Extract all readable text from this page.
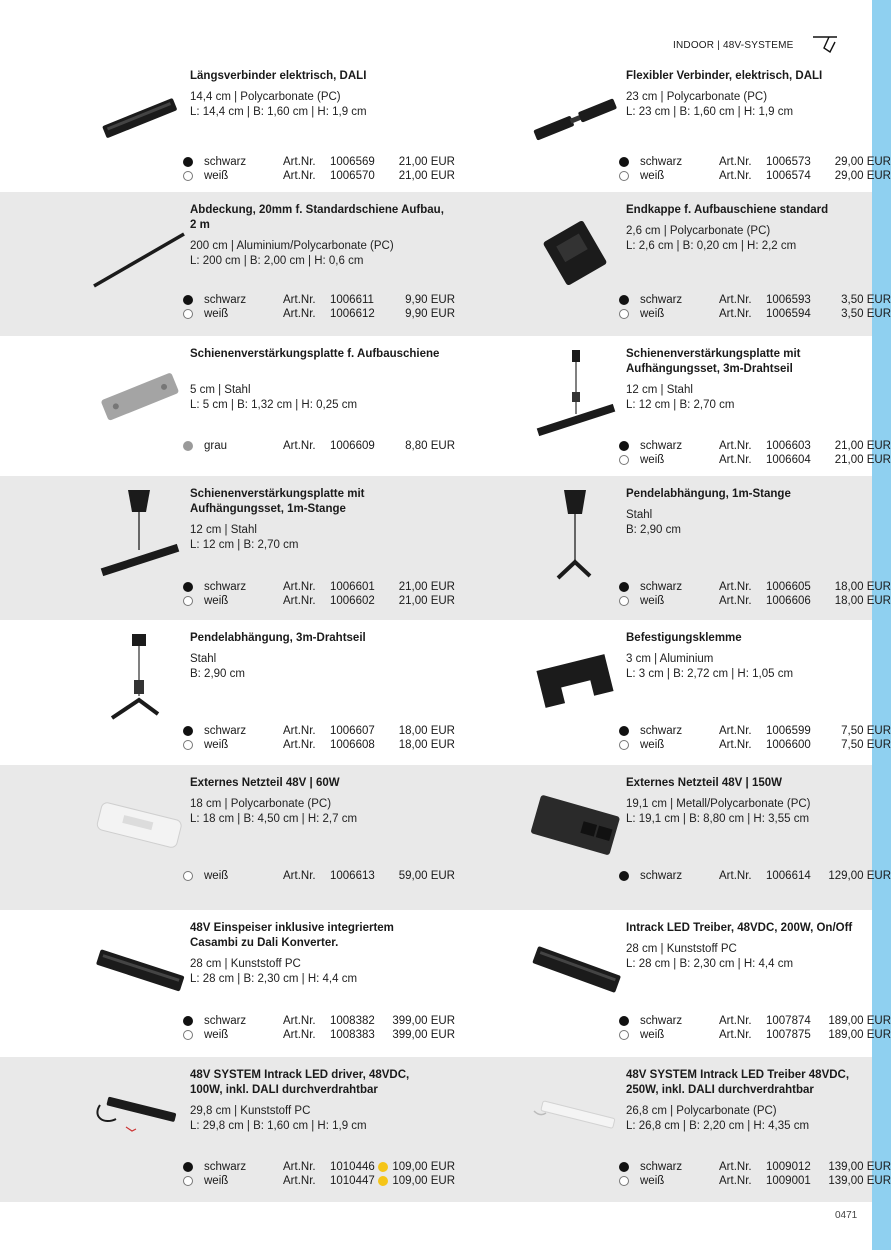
INDOOR | 48V-SYSTEME
Längsverbinder elektrisch, DALI
14,4 cm | Polycarbonate (PC)
L: 14,4 cm | B: 1,60 cm | H: 1,9 cm
schwarz	Art.Nr. 1006569	21,00 EUR
weiß	Art.Nr. 1006570	21,00 EUR
Flexibler Verbinder, elektrisch, DALI
23 cm | Polycarbonate (PC)
L: 23 cm | B: 1,60 cm | H: 1,9 cm
schwarz	Art.Nr. 1006573	29,00 EUR
weiß	Art.Nr. 1006574	29,00 EUR
Abdeckung, 20mm f. Standardschiene Aufbau, 2 m
200 cm | Aluminium/Polycarbonate (PC)
L: 200 cm | B: 2,00 cm | H: 0,6 cm
schwarz	Art.Nr. 1006611	9,90 EUR
weiß	Art.Nr. 1006612	9,90 EUR
Endkappe f. Aufbauschiene standard
2,6 cm | Polycarbonate (PC)
L: 2,6 cm | B: 0,20 cm | H: 2,2 cm
schwarz	Art.Nr. 1006593	3,50 EUR
weiß	Art.Nr. 1006594	3,50 EUR
Schienenverstärkungsplatte f. Aufbauschiene
5 cm | Stahl
L: 5 cm | B: 1,32 cm | H: 0,25 cm
grau	Art.Nr. 1006609	8,80 EUR
Schienenverstärkungsplatte mit Aufhängungsset, 3m-Drahtseil
12 cm | Stahl
L: 12 cm | B: 2,70 cm
schwarz	Art.Nr. 1006603	21,00 EUR
weiß	Art.Nr. 1006604	21,00 EUR
Schienenverstärkungsplatte mit Aufhängungsset, 1m-Stange
12 cm | Stahl
L: 12 cm | B: 2,70 cm
schwarz	Art.Nr. 1006601	21,00 EUR
weiß	Art.Nr. 1006602	21,00 EUR
Pendelabhängung, 1m-Stange
Stahl
B: 2,90 cm
schwarz	Art.Nr. 1006605	18,00 EUR
weiß	Art.Nr. 1006606	18,00 EUR
Pendelabhängung, 3m-Drahtseil
Stahl
B: 2,90 cm
schwarz	Art.Nr. 1006607	18,00 EUR
weiß	Art.Nr. 1006608	18,00 EUR
Befestigungsklemme
3 cm | Aluminium
L: 3 cm | B: 2,72 cm | H: 1,05 cm
schwarz	Art.Nr. 1006599	7,50 EUR
weiß	Art.Nr. 1006600	7,50 EUR
Externes Netzteil 48V | 60W
18 cm | Polycarbonate (PC)
L: 18 cm | B: 4,50 cm | H: 2,7 cm
weiß	Art.Nr. 1006613	59,00 EUR
Externes Netzteil 48V | 150W
19,1 cm | Metall/Polycarbonate (PC)
L: 19,1 cm | B: 8,80 cm | H: 3,55 cm
schwarz	Art.Nr. 1006614	129,00 EUR
48V Einspeiser inklusive integriertem Casambi zu Dali Konverter.
28 cm | Kunststoff PC
L: 28 cm | B: 2,30 cm | H: 4,4 cm
schwarz	Art.Nr. 1008382	399,00 EUR
weiß	Art.Nr. 1008383	399,00 EUR
Intrack LED Treiber, 48VDC, 200W, On/Off
28 cm | Kunststoff PC
L: 28 cm | B: 2,30 cm | H: 4,4 cm
schwarz	Art.Nr. 1007874	189,00 EUR
weiß	Art.Nr. 1007875	189,00 EUR
48V SYSTEM Intrack LED driver, 48VDC, 100W, inkl. DALI durchverdrahtbar
29,8 cm | Kunststoff PC
L: 29,8 cm | B: 1,60 cm | H: 1,9 cm
schwarz	Art.Nr. 1010446	109,00 EUR
weiß	Art.Nr. 1010447	109,00 EUR
48V SYSTEM Intrack LED Treiber 48VDC, 250W, inkl. DALI durchverdrahtbar
26,8 cm | Polycarbonate (PC)
L: 26,8 cm | B: 2,20 cm | H: 4,35 cm
schwarz	Art.Nr. 1009012	139,00 EUR
weiß	Art.Nr. 1009001	139,00 EUR
0471
